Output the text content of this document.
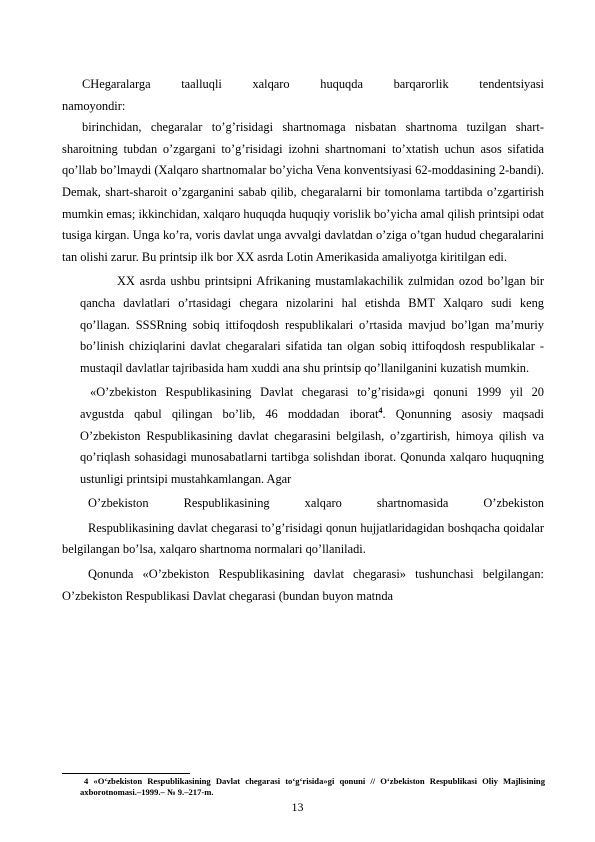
CHegaralarga taalluqli xalqaro huquqda barqarorlik tendentsiyasi

namoyondir:

birinchidan, chegaralar to’g’risidagi shartnomaga nisbatan shartnoma tuzilgan shart-sharoitning tubdan o’zgargani to’g’risidagi izohni shartnomani to’xtatish uchun asos sifatida qo’llab bo’lmaydi (Xalqaro shartnomalar bo’yicha Vena konventsiyasi 62-moddasining 2-bandi). Demak, shart-sharoit o’zgarganini sabab qilib, chegaralarni bir tomonlama tartibda o’zgartirish mumkin emas; ikkinchidan, xalqaro huquqda huquqiy vorislik bo’yicha amal qilish printsipi odat tusiga kirgan. Unga ko’ra, voris davlat unga avvalgi davlatdan o’ziga o’tgan hudud chegaralarini tan olishi zarur. Bu printsip ilk bor XX asrda Lotin Amerikasida amaliyotga kiritilgan edi.

XX asrda ushbu printsipni Afrikaning mustamlakachilik zulmidan ozod bo’lgan bir qancha davlatlari o’rtasidagi chegara nizolarini hal etishda BMT Xalqaro sudi keng qo’llagan. SSSRning sobiq ittifoqdosh respublikalari o’rtasida mavjud bo’lgan ma’muriy bo’linish chiziqlarini davlat chegaralari sifatida tan olgan sobiq ittifoqdosh respublikalar - mustaqil davlatlar tajribasida ham xuddi ana shu printsip qo’llanilganini kuzatish mumkin.

«O’zbekiston Respublikasining Davlat chegarasi to’g’risida»gi qonuni 1999 yil 20 avgustda qabul qilingan bo’lib, 46 moddadan iborat$^4$. Qonunning asosiy maqsadi O’zbekiston Respublikasining davlat chegarasini belgilash, o’zgartirish, himoya qilish va qo’riqlash sohasidagi munosabatlarni tartibga solishdan iborat. Qonunda xalqaro huquqning ustunligi printsipi mustahkamlangan. Agar

O’zbekiston Respublikasining xalqaro shartnomasida O’zbekiston

Respublikasining davlat chegarasi to’g’risidagi qonun hujjatlaridagidan boshqacha qoidalar belgilangan bo’lsa, xalqaro shartnoma normalari qo’llaniladi.

Qonunda «O’zbekiston Respublikasining davlat chegarasi» tushunchasi belgilangan: O’zbekiston Respublikasi Davlat chegarasi (bundan buyon matnda

4 «O‘zbekiston Respublikasining Davlat chegarasi to‘g‘risida»gi qonuni // O‘zbekiston Respublikasi Oliy Majlisining axborotnomasi.–1999.– № 9.–217-m.
13
